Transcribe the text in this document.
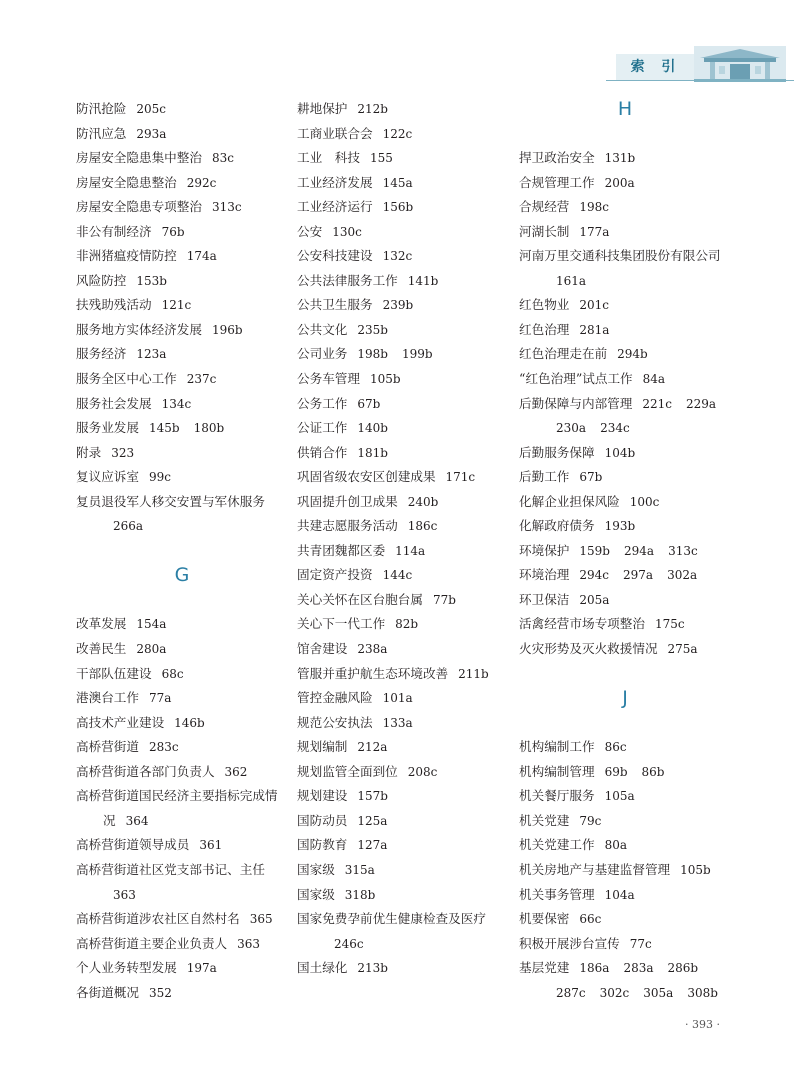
索 引
防汛抢险 205c
防汛应急 293a
房屋安全隐患集中整治 83c
房屋安全隐患整治 292c
房屋安全隐患专项整治 313c
非公有制经济 76b
非洲猪瘟疫情防控 174a
风险防控 153b
扶残助残活动 121c
服务地方实体经济发展 196b
服务经济 123a
服务全区中心工作 237c
服务社会发展 134c
服务业发展 145b 180b
附录 323
复议应诉室 99c
复员退役军人移交安置与军休服务266a
G
改革发展 154a
改善民生 280a
干部队伍建设 68c
港澳台工作 77a
高技术产业建设 146b
高桥营街道 283c
高桥营街道各部门负责人 362
高桥营街道国民经济主要指标完成情况 364
高桥营街道领导成员 361
高桥营街道社区党支部书记、主任363
高桥营街道涉农社区自然村名 365
高桥营街道主要企业负责人 363
个人业务转型发展 197a
各街道概况 352
耕地保护 212b
工商业联合会 122c
工业　科技 155
工业经济发展 145a
工业经济运行 156b
公安 130c
公安科技建设 132c
公共法律服务工作 141b
公共卫生服务 239b
公共文化 235b
公司业务 198b 199b
公务车管理 105b
公务工作 67b
公证工作 140b
供销合作 181b
巩固省级农安区创建成果 171c
巩固提升创卫成果 240b
共建志愿服务活动 186c
共青团魏都区委 114a
固定资产投资 144c
关心关怀在区台胞台属 77b
关心下一代工作 82b
馆舍建设 238a
管服并重护航生态环境改善 211b
管控金融风险 101a
规范公安执法 133a
规划编制 212a
规划监管全面到位 208c
规划建设 157b
国防动员 125a
国防教育 127a
国家级 315a
国家级 318b
国家免费孕前优生健康检查及医疗246c
国土绿化 213b
H
捍卫政治安全 131b
合规管理工作 200a
合规经营 198c
河湖长制 177a
河南万里交通科技集团股份有限公司161a
红色物业 201c
红色治理 281a
红色治理走在前 294b
“红色治理”试点工作 84a
后勤保障与内部管理 221c 229a 230a 234c
后勤服务保障 104b
后勤工作 67b
化解企业担保风险 100c
化解政府债务 193b
环境保护 159b 294a 313c
环境治理 294c 297a 302a
环卫保洁 205a
活禽经营市场专项整治 175c
火灾形势及灭火救援情况 275a
J
机构编制工作 86c
机构编制管理 69b 86b
机关餐厅服务 105a
机关党建 79c
机关党建工作 80a
机关房地产与基建监督管理 105b
机关事务管理 104a
机要保密 66c
积极开展涉台宣传 77c
基层党建 186a 283a 286b 287c 302c 305a 308b
· 393 ·
